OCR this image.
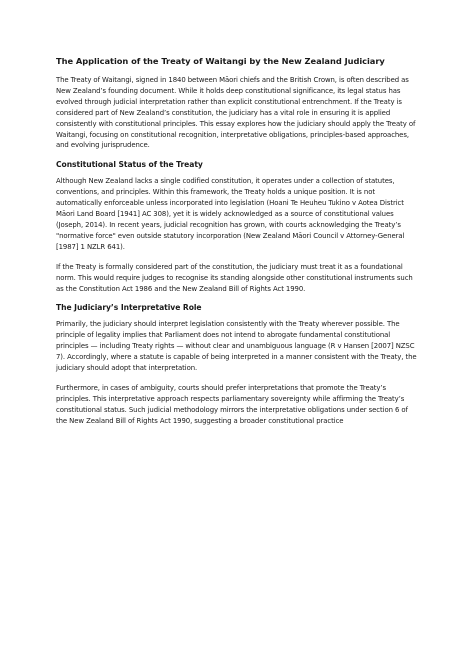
The Application of the Treaty of Waitangi by the New Zealand Judiciary

The Treaty of Waitangi, signed in 1840 between Māori chiefs and the British Crown, is often described as New Zealand’s founding document. While it holds deep constitutional significance, its legal status has evolved through judicial interpretation rather than explicit constitutional entrenchment. If the Treaty is considered part of New Zealand’s constitution, the judiciary has a vital role in ensuring it is applied consistently with constitutional principles. This essay explores how the judiciary should apply the Treaty of Waitangi, focusing on constitutional recognition, interpretative obligations, principles-based approaches, and evolving jurisprudence.

Constitutional Status of the Treaty

Although New Zealand lacks a single codified constitution, it operates under a collection of statutes, conventions, and principles. Within this framework, the Treaty holds a unique position. It is not automatically enforceable unless incorporated into legislation (Hoani Te Heuheu Tukino v Aotea District Māori Land Board [1941] AC 308), yet it is widely acknowledged as a source of constitutional values (Joseph, 2014). In recent years, judicial recognition has grown, with courts acknowledging the Treaty’s "normative force" even outside statutory incorporation (New Zealand Māori Council v Attorney-General [1987] 1 NZLR 641).

If the Treaty is formally considered part of the constitution, the judiciary must treat it as a foundational norm. This would require judges to recognise its standing alongside other constitutional instruments such as the Constitution Act 1986 and the New Zealand Bill of Rights Act 1990.

The Judiciary’s Interpretative Role

Primarily, the judiciary should interpret legislation consistently with the Treaty wherever possible. The principle of legality implies that Parliament does not intend to abrogate fundamental constitutional principles — including Treaty rights — without clear and unambiguous language (R v Hansen [2007] NZSC 7). Accordingly, where a statute is capable of being interpreted in a manner consistent with the Treaty, the judiciary should adopt that interpretation.

Furthermore, in cases of ambiguity, courts should prefer interpretations that promote the Treaty’s principles. This interpretative approach respects parliamentary sovereignty while affirming the Treaty’s constitutional status. Such judicial methodology mirrors the interpretative obligations under section 6 of the New Zealand Bill of Rights Act 1990, suggesting a broader constitutional practice
